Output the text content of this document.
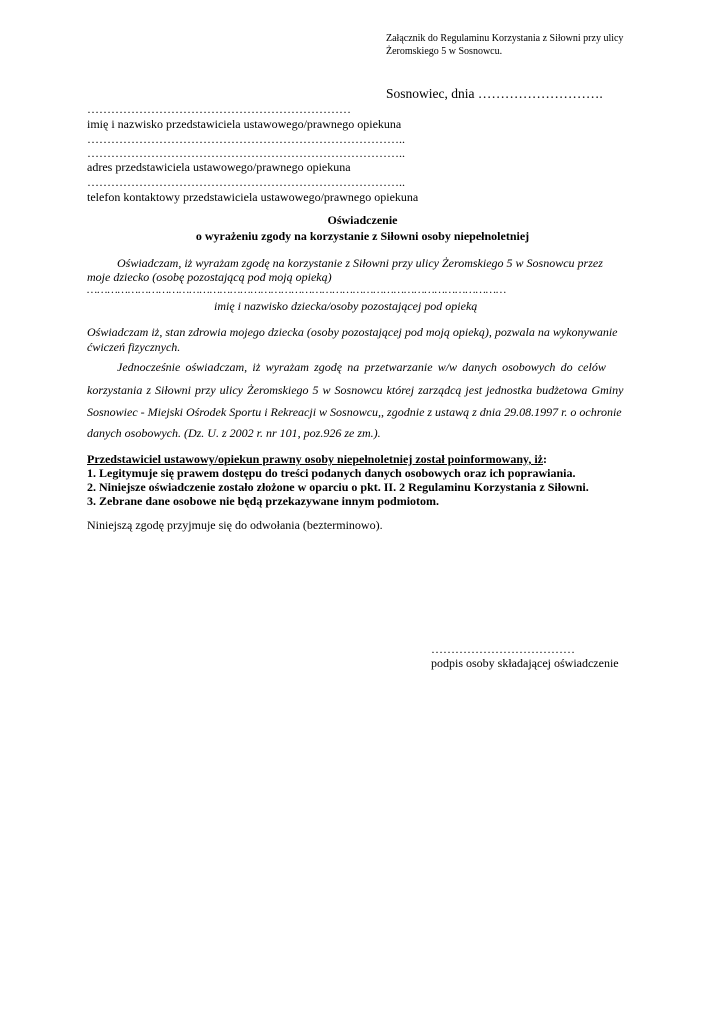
Załącznik do Regulaminu Korzystania z Siłowni przy ulicy
Żeromskiego 5 w Sosnowcu.
Sosnowiec, dnia ……………………….
…………………………………………………………
imię i nazwisko przedstawiciela ustawowego/prawnego opiekuna
……………………………………………………………………..
……………………………………………………………………..
adres przedstawiciela ustawowego/prawnego opiekuna
……………………………………………………………………..
telefon kontaktowy przedstawiciela ustawowego/prawnego opiekuna
Oświadczenie
o wyrażeniu zgody na korzystanie z Siłowni osoby niepełnoletniej
Oświadczam, iż wyrażam zgodę na korzystanie z Siłowni przy ulicy Żeromskiego 5 w Sosnowcu przez
moje dziecko (osobę pozostającą pod moją opieką)
……………………………………………………………………………………………………………
imię i nazwisko dziecka/osoby pozostającej pod opieką
Oświadczam iż, stan zdrowia mojego dziecka (osoby pozostającej pod moją opieką), pozwala na wykonywanie
ćwiczeń fizycznych.
Jednocześnie oświadczam, iż wyrażam zgodę na przetwarzanie w/w danych osobowych do celów
korzystania z Siłowni przy ulicy Żeromskiego 5 w Sosnowcu której zarządcą jest jednostka budżetowa Gminy
Sosnowiec - Miejski Ośrodek Sportu i Rekreacji w Sosnowcu,, zgodnie z ustawą z dnia 29.08.1997 r. o ochronie
danych osobowych. (Dz. U. z 2002 r. nr 101, poz.926 ze zm.).
Przedstawiciel ustawowy/opiekun prawny osoby niepełnoletniej został poinformowany, iż:
1. Legitymuje się prawem dostępu do treści podanych danych osobowych oraz ich poprawiania.
2. Niniejsze oświadczenie zostało złożone w oparciu o pkt. II. 2 Regulaminu Korzystania z Siłowni.
3. Zebrane dane osobowe nie będą przekazywane innym podmiotom.
Niniejszą zgodę przyjmuje się do odwołania (bezterminowo).
………………………………
podpis osoby składającej oświadczenie
